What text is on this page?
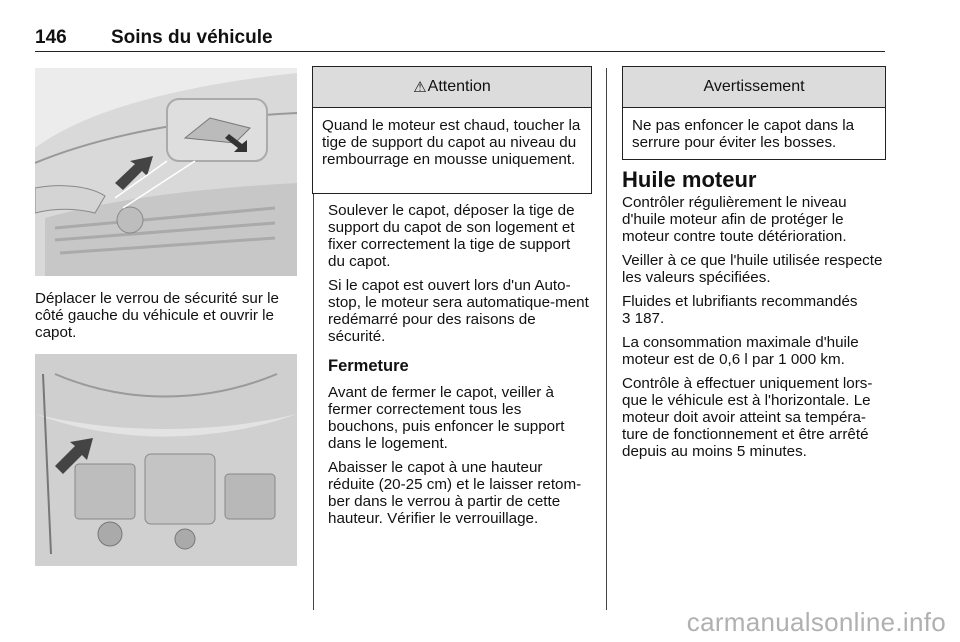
146 Soins du véhicule

Déplacer le verrou de sécurité sur le côté gauche du véhicule et ouvrir le capot.

⚠ Attention
Quand le moteur est chaud, toucher la tige de support du capot au niveau du rembourrage en mousse uniquement.

Soulever le capot, déposer la tige de support du capot de son logement et fixer correctement la tige de support du capot.

Si le capot est ouvert lors d'un Auto-stop, le moteur sera automatique-ment redémarré pour des raisons de sécurité.

Fermeture

Avant de fermer le capot, veiller à fermer correctement tous les bouchons, puis enfoncer le support dans le logement.

Abaisser le capot à une hauteur réduite (20-25 cm) et le laisser retom-ber dans le verrou à partir de cette hauteur. Vérifier le verrouillage.

Avertissement
Ne pas enfoncer le capot dans la serrure pour éviter les bosses.
Huile moteur

Contrôler régulièrement le niveau d'huile moteur afin de protéger le moteur contre toute détérioration.

Veiller à ce que l'huile utilisée respecte les valeurs spécifiées.

Fluides et lubrifiants recommandés
3 187.

La consommation maximale d'huile moteur est de 0,6 l par 1 000 km.

Contrôle à effectuer uniquement lors-que le véhicule est à l'horizontale. Le moteur doit avoir atteint sa tempéra-ture de fonctionnement et être arrêté depuis au moins 5 minutes.

carmanualsonline.info
